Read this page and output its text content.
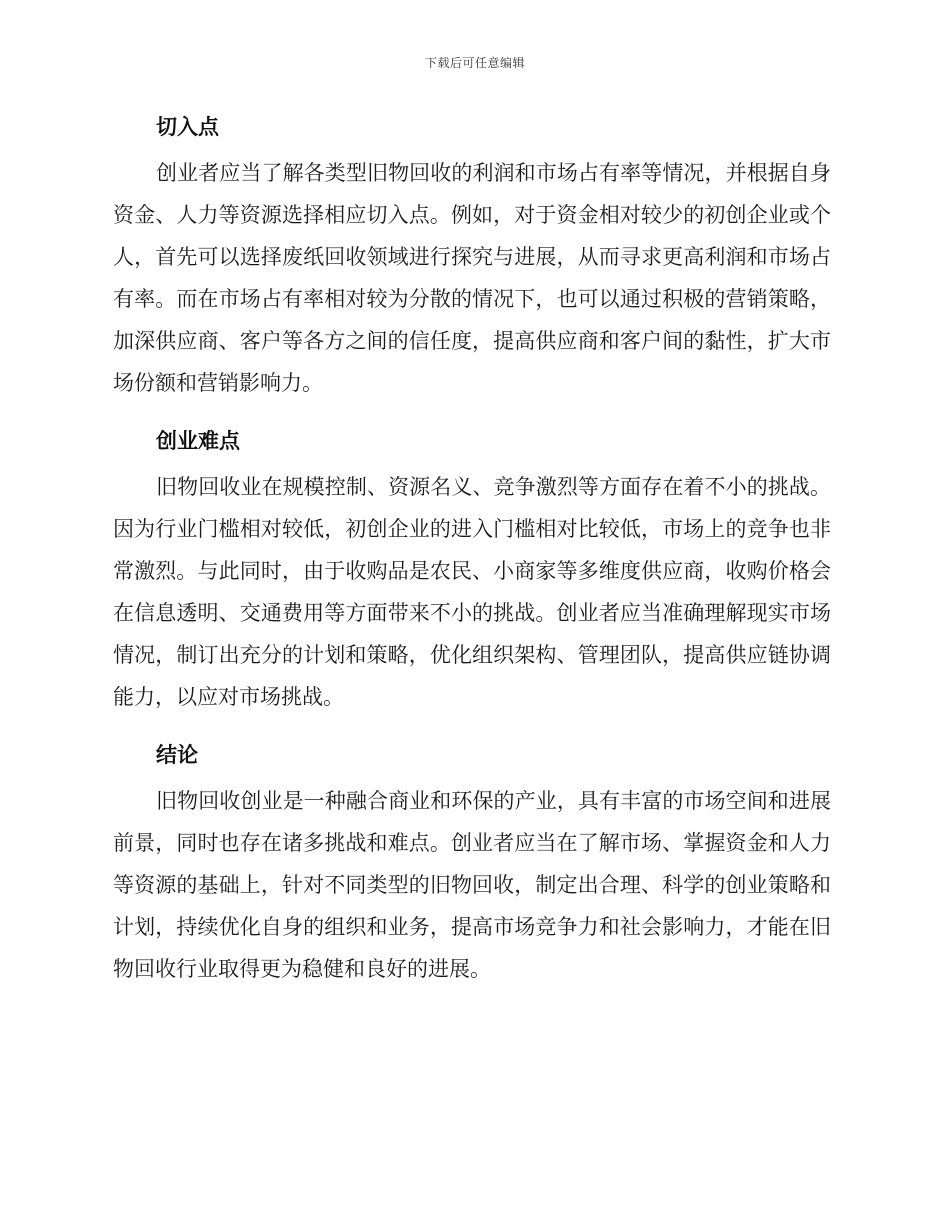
下载后可任意编辑
切入点

创业者应当了解各类型旧物回收的利润和市场占有率等情况，并根据自身资金、人力等资源选择相应切入点。例如，对于资金相对较少的初创企业或个人，首先可以选择废纸回收领域进行探究与进展，从而寻求更高利润和市场占有率。而在市场占有率相对较为分散的情况下，也可以通过积极的营销策略，加深供应商、客户等各方之间的信任度，提高供应商和客户间的黏性，扩大市场份额和营销影响力。

创业难点

旧物回收业在规模控制、资源名义、竞争激烈等方面存在着不小的挑战。因为行业门槛相对较低，初创企业的进入门槛相对比较低，市场上的竞争也非常激烈。与此同时，由于收购品是农民、小商家等多维度供应商，收购价格会在信息透明、交通费用等方面带来不小的挑战。创业者应当准确理解现实市场情况，制订出充分的计划和策略，优化组织架构、管理团队，提高供应链协调能力，以应对市场挑战。

结论

旧物回收创业是一种融合商业和环保的产业，具有丰富的市场空间和进展前景，同时也存在诸多挑战和难点。创业者应当在了解市场、掌握资金和人力等资源的基础上，针对不同类型的旧物回收，制定出合理、科学的创业策略和计划，持续优化自身的组织和业务，提高市场竞争力和社会影响力，才能在旧物回收行业取得更为稳健和良好的进展。
